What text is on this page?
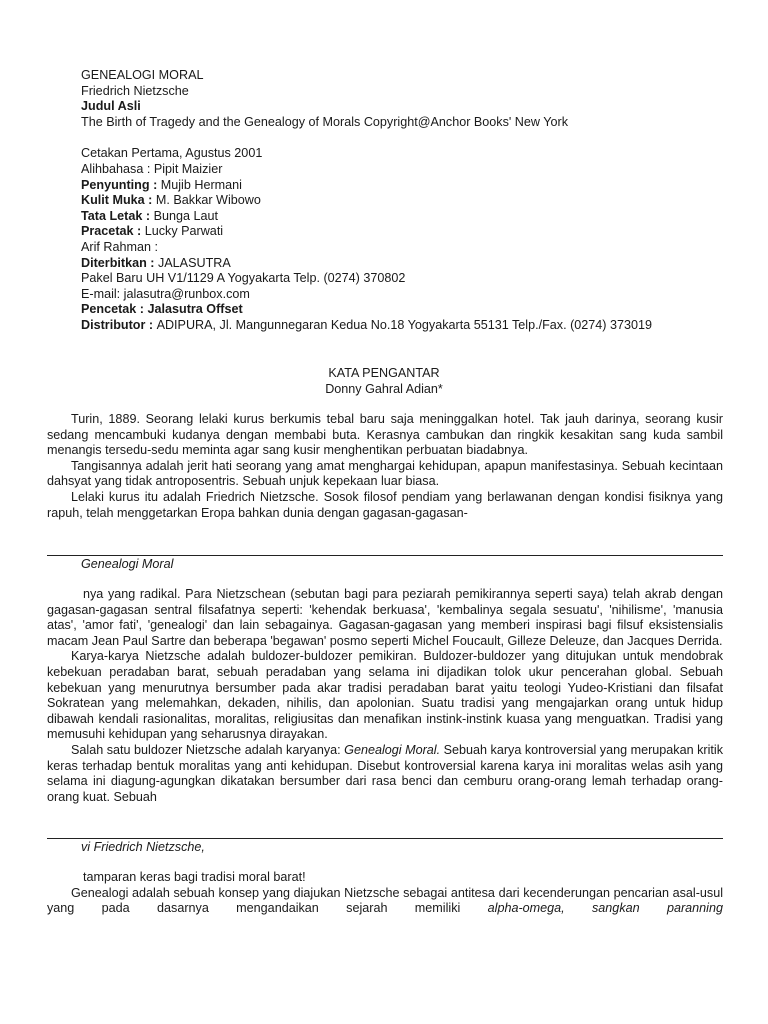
GENEALOGI MORAL
Friedrich Nietzsche
Judul Asli
The Birth of Tragedy and the Genealogy of Morals Copyright@Anchor Books' New York
Cetakan Pertama, Agustus 2001
Alihbahasa : Pipit Maizier
Penyunting : Mujib Hermani
Kulit Muka : M. Bakkar Wibowo
Tata Letak : Bunga Laut
Pracetak : Lucky Parwati
Arif Rahman :
Diterbitkan : JALASUTRA
Pakel Baru UH V1/1129 A Yogyakarta Telp. (0274) 370802
E-mail: jalasutra@runbox.com
Pencetak : Jalasutra Offset
Distributor : ADIPURA, Jl. Mangunnegaran Kedua No.18 Yogyakarta 55131 Telp./Fax. (0274) 373019
KATA PENGANTAR
Donny Gahral Adian*

Turin, 1889. Seorang lelaki kurus berkumis tebal baru saja meninggalkan hotel. Tak jauh darinya, seorang kusir sedang mencambuki kudanya dengan membabi buta. Kerasnya cambukan dan ringkik kesakitan sang kuda sambil menangis tersedu-sedu meminta agar sang kusir menghentikan perbuatan biadabnya.

Tangisannya adalah jerit hati seorang yang amat menghargai kehidupan, apapun manifestasinya. Sebuah kecintaan dahsyat yang tidak antroposentris. Sebuah unjuk kepekaan luar biasa.

Lelaki kurus itu adalah Friedrich Nietzsche. Sosok filosof pendiam yang berlawanan dengan kondisi fisiknya yang rapuh, telah menggetarkan Eropa bahkan dunia dengan gagasan-gagasan-

Genealogi Moral

nya yang radikal. Para Nietzschean (sebutan bagi para peziarah pemikirannya seperti saya) telah akrab dengan gagasan-gagasan sentral filsafatnya seperti: 'kehendak berkuasa', 'kembalinya segala sesuatu', 'nihilisme', 'manusia atas', 'amor fati', 'genealogi' dan lain sebagainya. Gagasan-gagasan yang memberi inspirasi bagi filsuf eksistensialis macam Jean Paul Sartre dan beberapa 'begawan' posmo seperti Michel Foucault, Gilleze Deleuze, dan Jacques Derrida.

Karya-karya Nietzsche adalah buldozer-buldozer pemikiran. Buldozer-buldozer yang ditujukan untuk mendobrak kebekuan peradaban barat, sebuah peradaban yang selama ini dijadikan tolok ukur pencerahan global. Sebuah kebekuan yang menurutnya bersumber pada akar tradisi peradaban barat yaitu teologi Yudeo-Kristiani dan filsafat Sokratean yang melemahkan, dekaden, nihilis, dan apolonian. Suatu tradisi yang mengajarkan orang untuk hidup dibawah kendali rasionalitas, moralitas, religiusitas dan menafikan instink-instink kuasa yang menguatkan. Tradisi yang memusuhi kehidupan yang seharusnya dirayakan.

Salah satu buldozer Nietzsche adalah karyanya: Genealogi Moral. Sebuah karya kontroversial yang merupakan kritik keras terhadap bentuk moralitas yang anti kehidupan. Disebut kontroversial karena karya ini moralitas welas asih yang selama ini diagung-agungkan dikatakan bersumber dari rasa benci dan cemburu orang-orang lemah terhadap orang-orang kuat. Sebuah

vi Friedrich Nietzsche,

tamparan keras bagi tradisi moral barat!

Genealogi adalah sebuah konsep yang diajukan Nietzsche sebagai antitesa dari kecenderungan pencarian asal-usul yang pada dasarnya mengandaikan sejarah memiliki alpha-omega, sangkan paranning
